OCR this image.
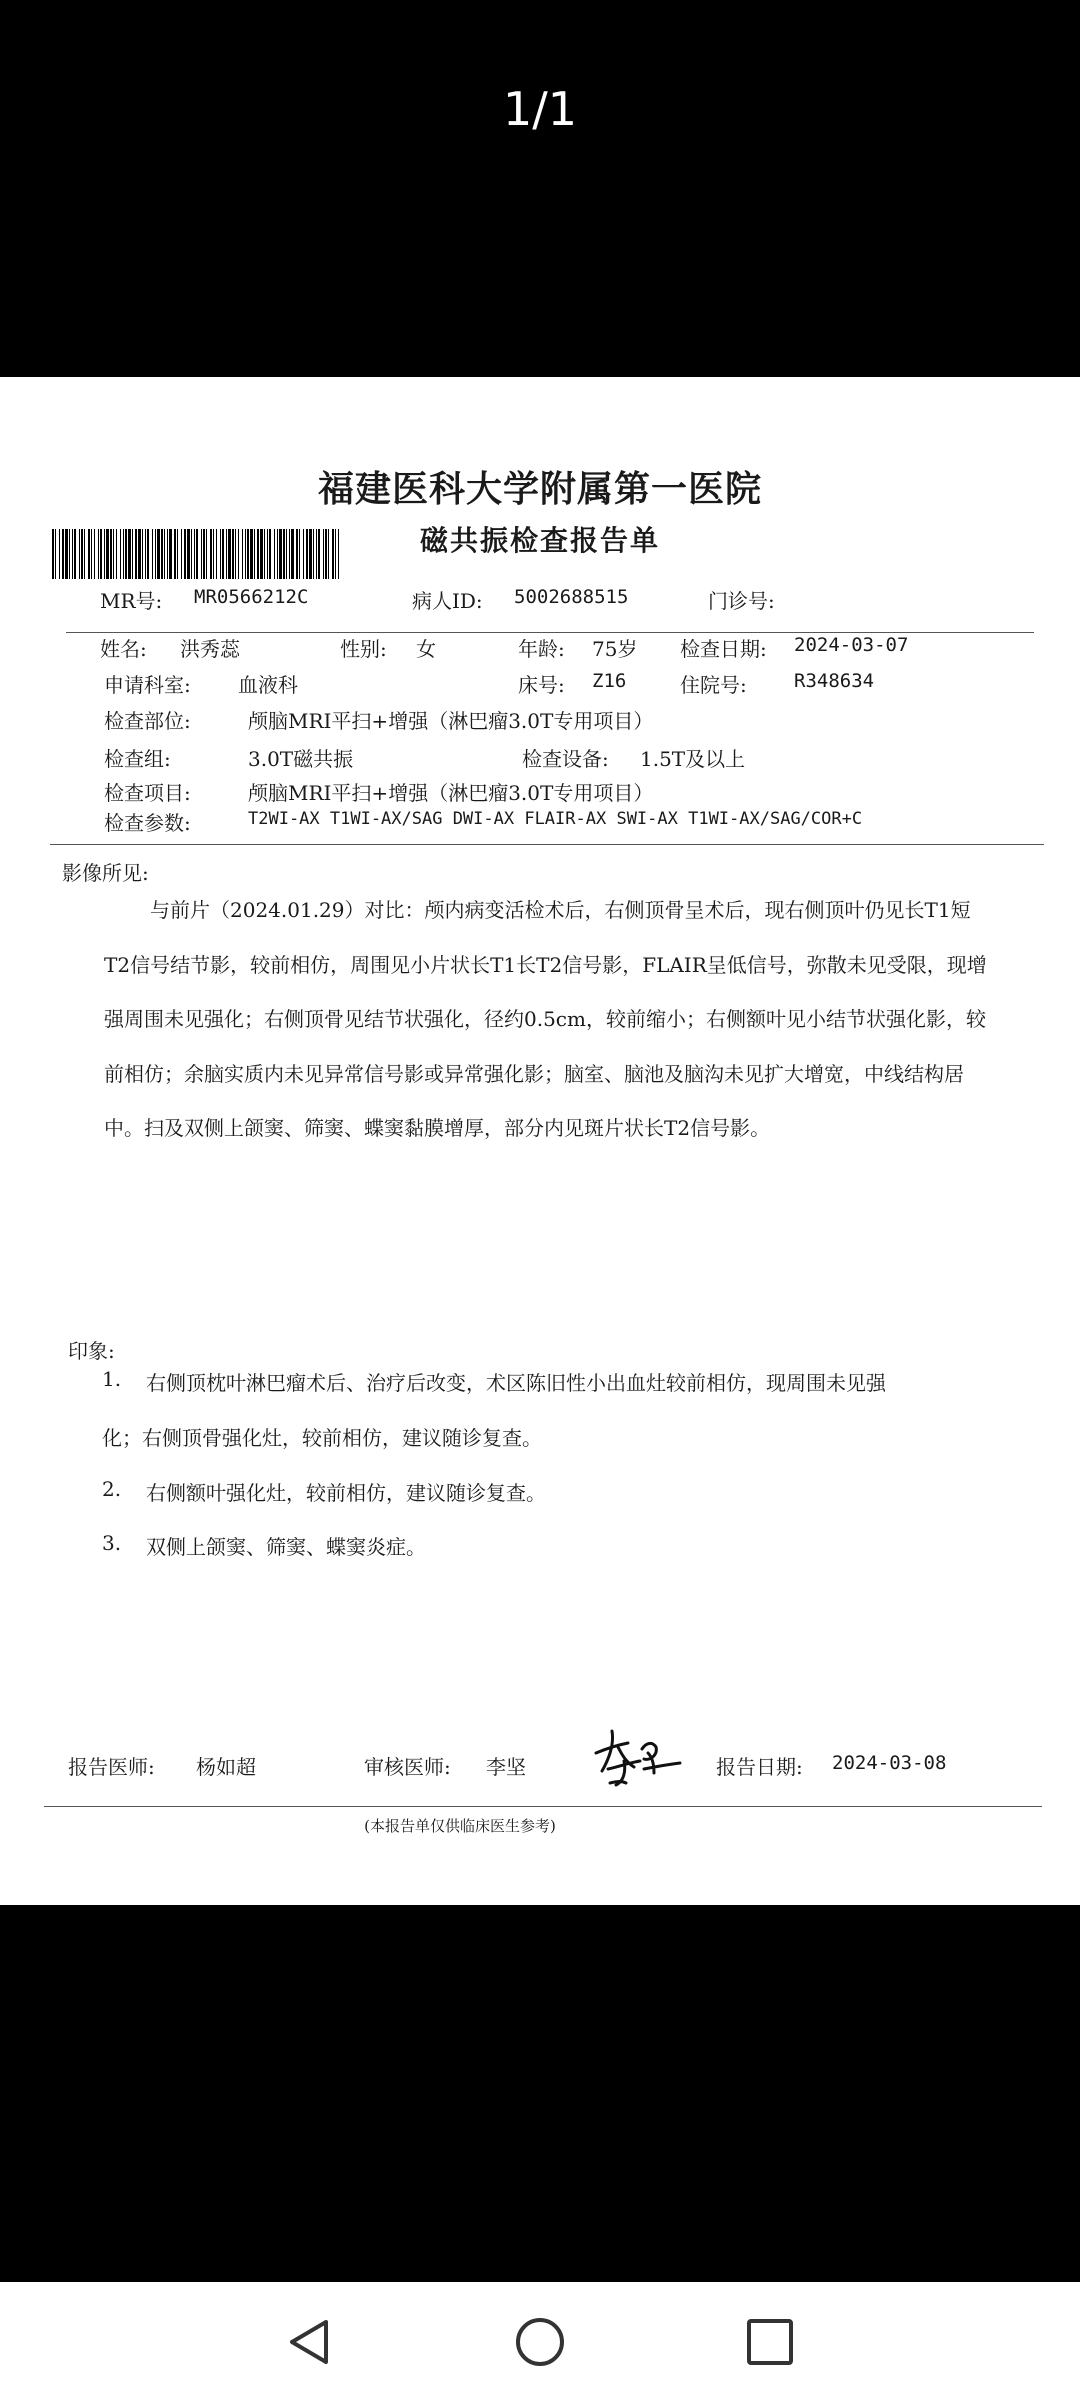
1/1
福建医科大学附属第一医院
磁共振检查报告单
MR号: MR0566212C	病人ID: 5002688515	门诊号:
姓名: 洪秀蕊	性别: 女	年龄: 75岁 检查日期: 2024-03-07
申请科室: 血液科	床号: Z16	住院号: R348634
检查部位:	颅脑MRI平扫+增强（淋巴瘤3.0T专用项目）
检查组:	3.0T磁共振	检查设备: 1.5T及以上
检查项目:	颅脑MRI平扫+增强（淋巴瘤3.0T专用项目）
检查参数:	T2WI-AX T1WI-AX/SAG DWI-AX FLAIR-AX SWI-AX T1WI-AX/SAG/COR+C
影像所见:
与前片（2024.01.29）对比：颅内病变活检术后，右侧顶骨呈术后，现右侧顶叶仍见长T1短T2信号结节影，较前相仿，周围见小片状长T1长T2信号影，FLAIR呈低信号，弥散未见受限，现增强周围未见强化；右侧顶骨见结节状强化，径约0.5cm，较前缩小；右侧额叶见小结节状强化影，较前相仿；余脑实质内未见异常信号影或异常强化影；脑室、脑池及脑沟未见扩大增宽，中线结构居中。扫及双侧上颌窦、筛窦、蝶窦黏膜增厚，部分内见斑片状长T2信号影。
印象:
1. 右侧顶枕叶淋巴瘤术后、治疗后改变，术区陈旧性小出血灶较前相仿，现周围未见强
化；右侧顶骨强化灶，较前相仿，建议随诊复查。
2. 右侧额叶强化灶，较前相仿，建议随诊复查。
3. 双侧上颌窦、筛窦、蝶窦炎症。
报告医师: 杨如超	审核医师: 李坚	报告日期: 2024-03-08
(本报告单仅供临床医生参考)
